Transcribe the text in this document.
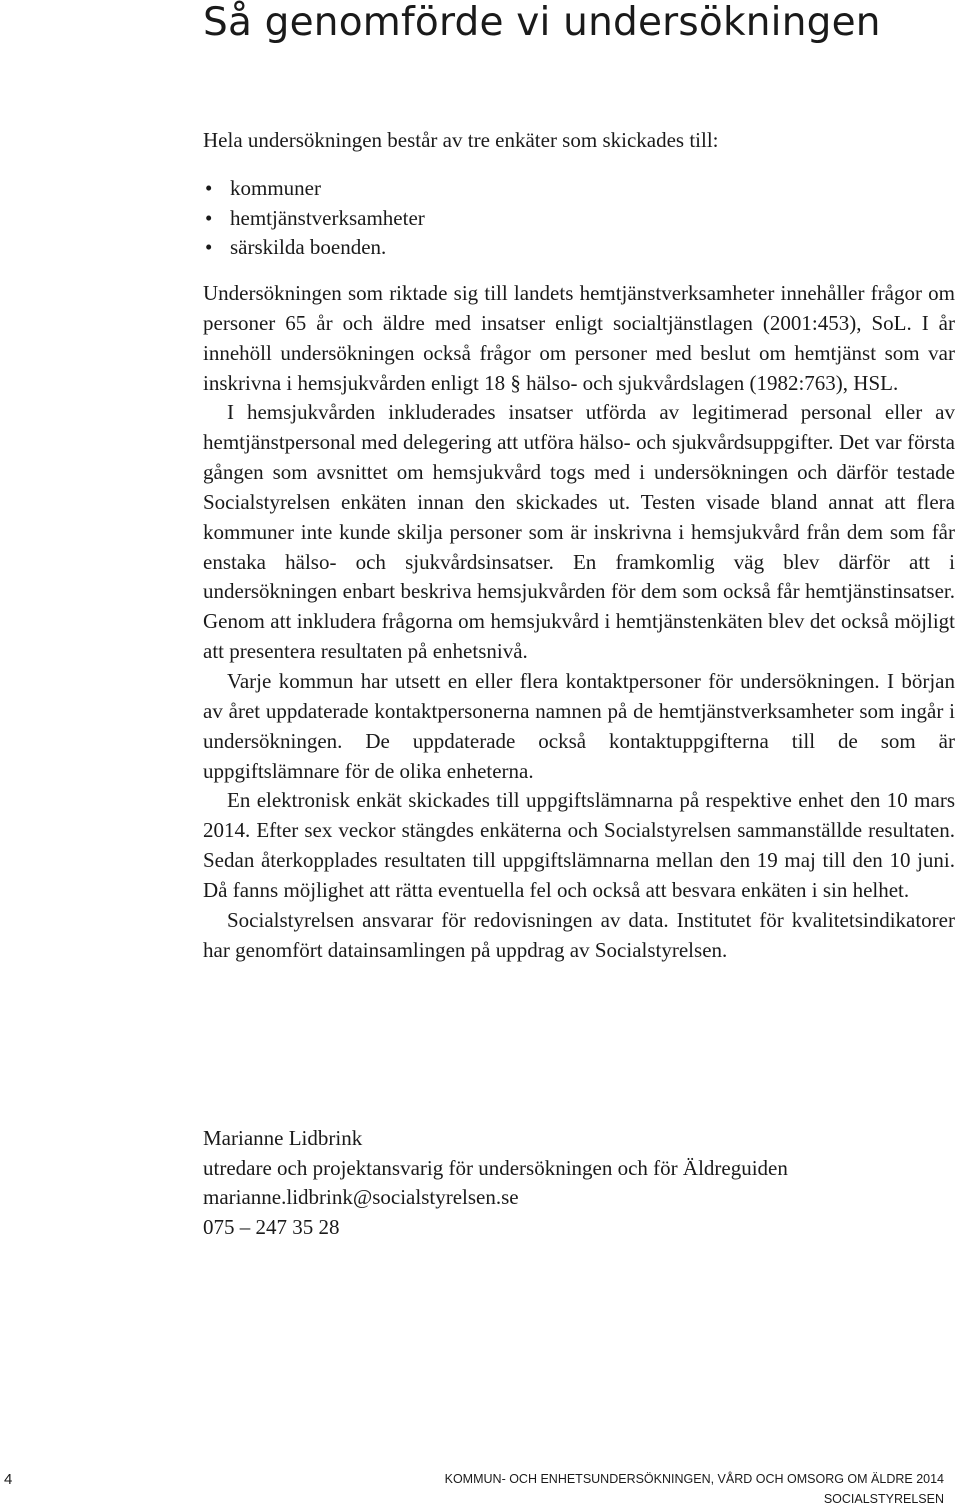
Så genomförde vi undersökningen
Hela undersökningen består av tre enkäter som skickades till:
• kommuner
• hemtjänstverksamheter
• särskilda boenden.

Undersökningen som riktade sig till landets hemtjänstverksamheter innehåller frågor om personer 65 år och äldre med insatser enligt socialtjänstlagen (2001:453), SoL. I år innehöll undersökningen också frågor om personer med beslut om hemtjänst som var inskrivna i hemsjukvården enligt 18 § hälso- och sjukvårdslagen (1982:763), HSL.

I hemsjukvården inkluderades insatser utförda av legitimerad personal eller av hemtjänstpersonal med delegering att utföra hälso- och sjukvårdsuppgifter. Det var första gången som avsnittet om hemsjukvård togs med i undersökningen och därför testade Socialstyrelsen enkäten innan den skickades ut. Testen visade bland annat att flera kommuner inte kunde skilja personer som är inskrivna i hemsjukvård från dem som får enstaka hälso- och sjukvårdsinsatser. En framkomlig väg blev därför att i undersökningen enbart beskriva hemsjukvården för dem som också får hemtjänstinsatser. Genom att inkludera frågorna om hemsjukvård i hemtjänstenkäten blev det också möjligt att presentera resultaten på enhetsnivå.

Varje kommun har utsett en eller flera kontaktpersoner för undersökningen. I början av året uppdaterade kontaktpersonerna namnen på de hemtjänstverksamheter som ingår i undersökningen. De uppdaterade också kontaktuppgifterna till de som är uppgiftslämnare för de olika enheterna.

En elektronisk enkät skickades till uppgiftslämnarna på respektive enhet den 10 mars 2014. Efter sex veckor stängdes enkäterna och Socialstyrelsen sammanställde resultaten. Sedan återkopplades resultaten till uppgiftslämnarna mellan den 19 maj till den 10 juni. Då fanns möjlighet att rätta eventuella fel och också att besvara enkäten i sin helhet.

Socialstyrelsen ansvarar för redovisningen av data. Institutet för kvalitetsindikatorer har genomfört datainsamlingen på uppdrag av Socialstyrelsen.

Marianne Lidbrink
utredare och projektansvarig för undersökningen och för Äldreguiden
marianne.lidbrink@socialstyrelsen.se
075 – 247 35 28
4	KOMMUN- OCH ENHETSUNDERSÖKNINGEN, VÅRD OCH OMSORG OM ÄLDRE 2014
SOCIALSTYRELSEN
